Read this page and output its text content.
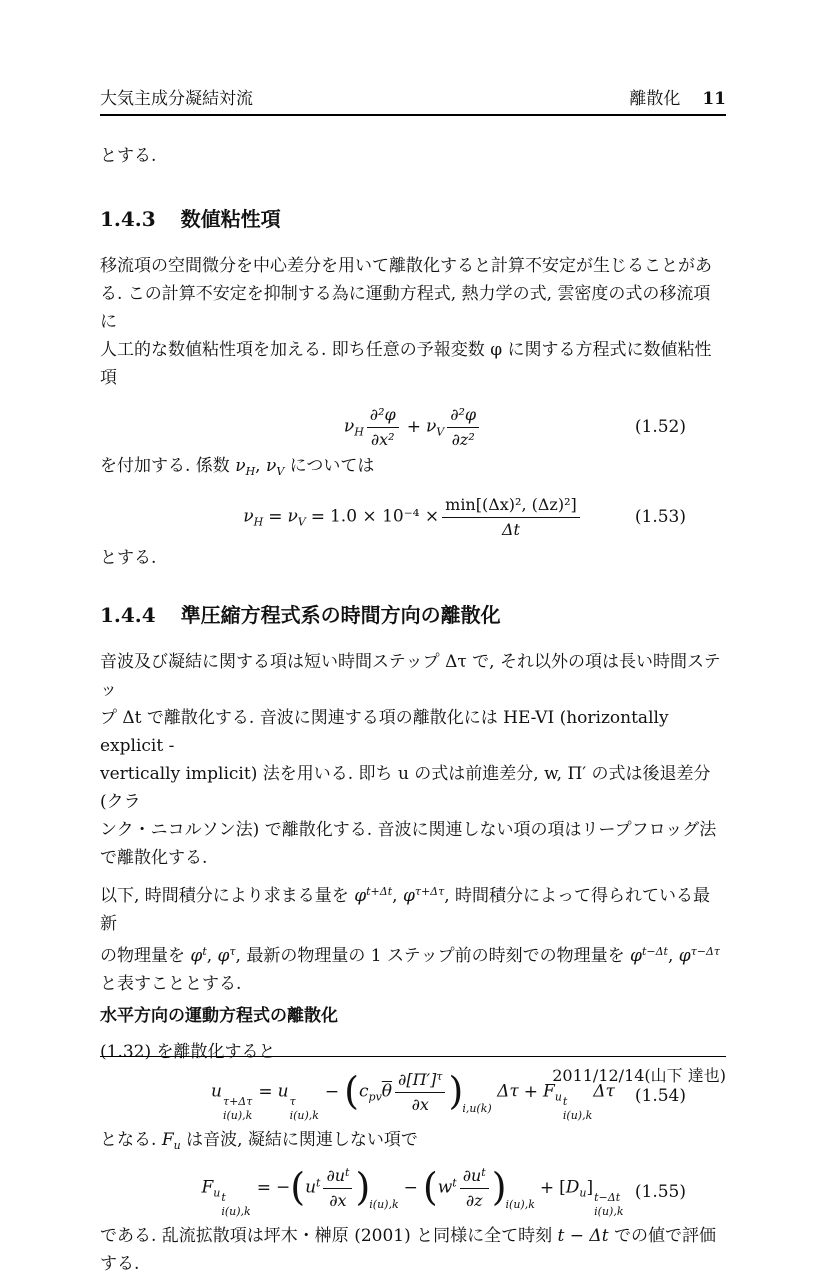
大気主成分凝結対流	離散化 11
とする.
1.4.3 数値粘性項
移流項の空間微分を中心差分を用いて離散化すると計算不安定が生じることがあ
る. この計算不安定を抑制する為に運動方程式, 熱力学の式, 雲密度の式の移流項に
人工的な数値粘性項を加える. 即ち任意の予報変数 φ に関する方程式に数値粘性項
$\nu_H \frac{\text{∂²φ}}{\text{∂x²}} + \nu_V \frac{\text{∂²φ}}{\text{∂z²}}$	(1.52)
を付加する. 係数 $\nu_H$, $\nu_V$ については
$\nu_H = \nu_V = 1.0 \times 10^{-4} \times \frac{\text{min[(Δx)², (Δz)²]}}{\Delta t}$	(1.53)
とする.
1.4.4 準圧縮方程式系の時間方向の離散化
音波及び凝結に関する項は短い時間ステップ Δτ で, それ以外の項は長い時間ステッ
プ Δt で離散化する. 音波に関連する項の離散化には HE-VI (horizontally explicit -
vertically implicit) 法を用いる. 即ち u の式は前進差分, w, Π′ の式は後退差分 (クラ
ンク・ニコルソン法) で離散化する. 音波に関連しない項の項はリープフロッグ法
で離散化する.
以下, 時間積分により求まる量を $\varphi^{t+\Delta t}$, $\varphi^{\tau+\Delta\tau}$, 時間積分によって得られている最新
の物理量を $\varphi^t$, $\varphi^\tau$, 最新の物理量の 1 ステップ前の時刻での物理量を $\varphi^{t-\Delta t}$, $\varphi^{\tau-\Delta\tau}$
と表すこととする.
水平方向の運動方程式の離散化
(1.32) を離散化すると
u τ+Δτ
i(u),k
= u τ
i(u),k
− $(c_{pv}\overline{\theta} \frac{\partial[\Pi']^\tau}{\partial x} )i,u(k) \Delta\tau + F_u$ t
i(u),k
Δτ (1.54)
となる. $F_u$ は音波, 凝結に関連しない項で
$F_u$ t
i(u),k
= $-(u^t \frac{\partial u^t}{\partial x} )i(u),k- (w^t \frac{\partial u^t}{\partial z} )i(u),k+ [D_u]$ t−Δt
i(u),k
(1.55)
である. 乱流拡散項は坪木・榊原 (2001) と同様に全て時刻 t − Δt での値で評価する.
2011/12/14(山下 達也)
